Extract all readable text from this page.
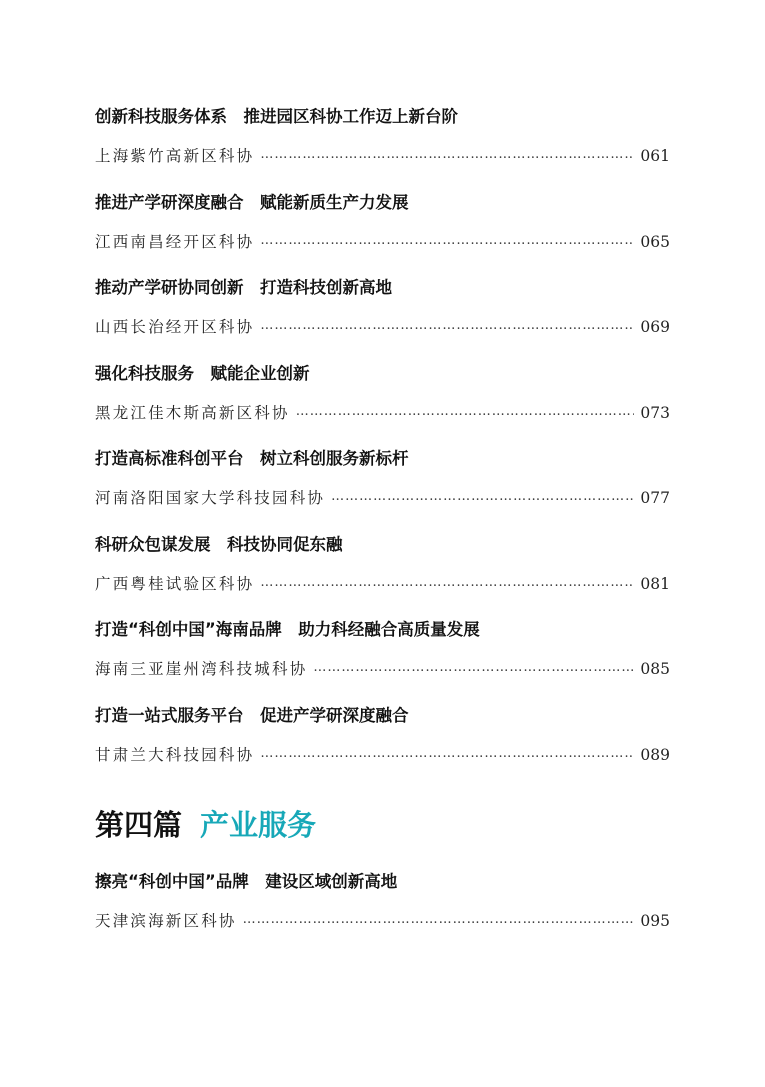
创新科技服务体系　推进园区科协工作迈上新台阶
上海紫竹高新区科协 ……………………………………………………………………………………………………………………………………………………	061
推进产学研深度融合　赋能新质生产力发展
江西南昌经开区科协 ……………………………………………………………………………………………………………………………………………………	065
推动产学研协同创新　打造科技创新高地
山西长治经开区科协 ……………………………………………………………………………………………………………………………………………………	069
强化科技服务　赋能企业创新
黑龙江佳木斯高新区科协 ……………………………………………………………………………………………………………………………………………………	073
打造高标准科创平台　树立科创服务新标杆
河南洛阳国家大学科技园科协 ……………………………………………………………………………………………………………………………………………………	077
科研众包谋发展　科技协同促东融
广西粤桂试验区科协 ……………………………………………………………………………………………………………………………………………………	081
打造“科创中国”海南品牌　助力科经融合高质量发展
海南三亚崖州湾科技城科协 ……………………………………………………………………………………………………………………………………………………	085
打造一站式服务平台　促进产学研深度融合
甘肃兰大科技园科协 ……………………………………………………………………………………………………………………………………………………	089
第四篇 产业服务
擦亮“科创中国”品牌　建设区域创新高地
天津滨海新区科协 ……………………………………………………………………………………………………………………………………………………	095
